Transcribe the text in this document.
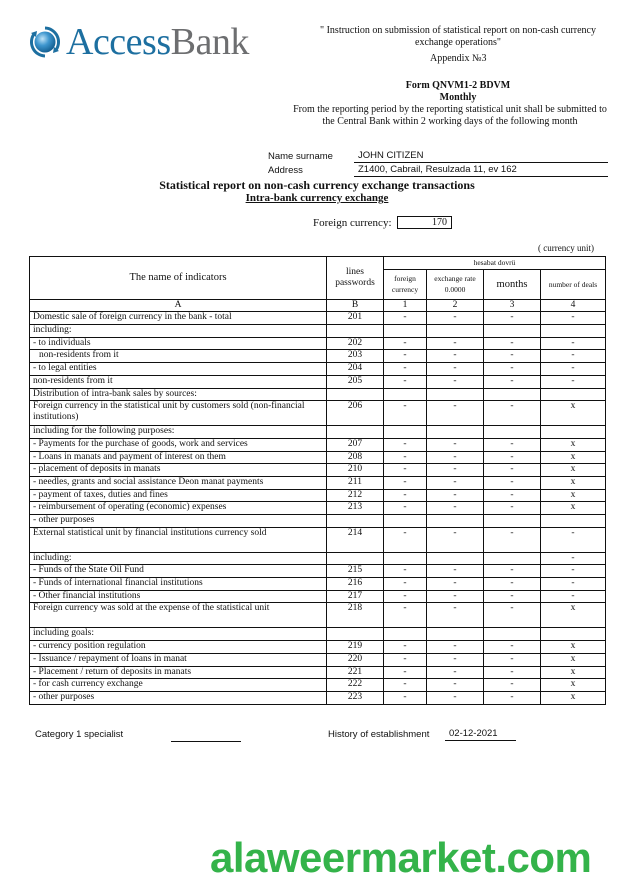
AccessBank	" Instruction on submission of statistical report on non-cash currency exchange operations"
Appendix №3
Form QNVM1-2 BDVM
Monthly
From the reporting period by the reporting statistical unit shall be submitted to the Central Bank within 2 working days of the following month
Name surname	JOHN CITIZEN
Address	Z1400, Cabrail, Resulzada 11, ev 162
Statistical report on non-cash currency exchange transactions
Intra-bank currency exchange
Foreign currency:	170
( currency unit)
The name of indicators	lines passwords	hesabat dovrü			
		foreign currency	exchange rate 0.0000	months	number of deals
A	B	1	2	3	4
Domestic sale of foreign currency in the bank - total	201	-	-	-	-
including:					
- to individuals	202	-	-	-	-
non-residents from it	203	-	-	-	-
- to legal entities	204	-	-	-	-
non-residents from it	205	-	-	-	-
Distribution of intra-bank sales by sources:					
Foreign currency in the statistical unit by customers sold (non-financial institutions)	206	-	-	-	x
including for the following purposes:					
- Payments for the purchase of goods, work and services	207	-	-	-	x
- Loans in manats and payment of interest on them	208	-	-	-	x
- placement of deposits in manats	210	-	-	-	x
- needles, grants and social assistance Deon manat payments	211	-	-	-	x
- payment of taxes, duties and fines	212	-	-	-	x
- reimbursement of operating (economic) expenses	213	-	-	-	x
- other purposes					
External statistical unit by financial institutions currency sold	214	-	-	-	-
including:					-
- Funds of the State Oil Fund	215	-	-	-	-
- Funds of international financial institutions	216	-	-	-	-
- Other financial institutions	217	-	-	-	-
Foreign currency was sold at the expense of the statistical unit	218	-	-	-	x
including goals:					
- currency position regulation	219	-	-	-	x
- Issuance / repayment of loans in manat	220	-	-	-	x
- Placement / return of deposits in manats	221	-	-	-	x
- for cash currency exchange	222	-	-	-	x
- other purposes	223	-	-	-	x
Category 1 specialist	History of establishment	02-12-2021
alaweermarket.com
